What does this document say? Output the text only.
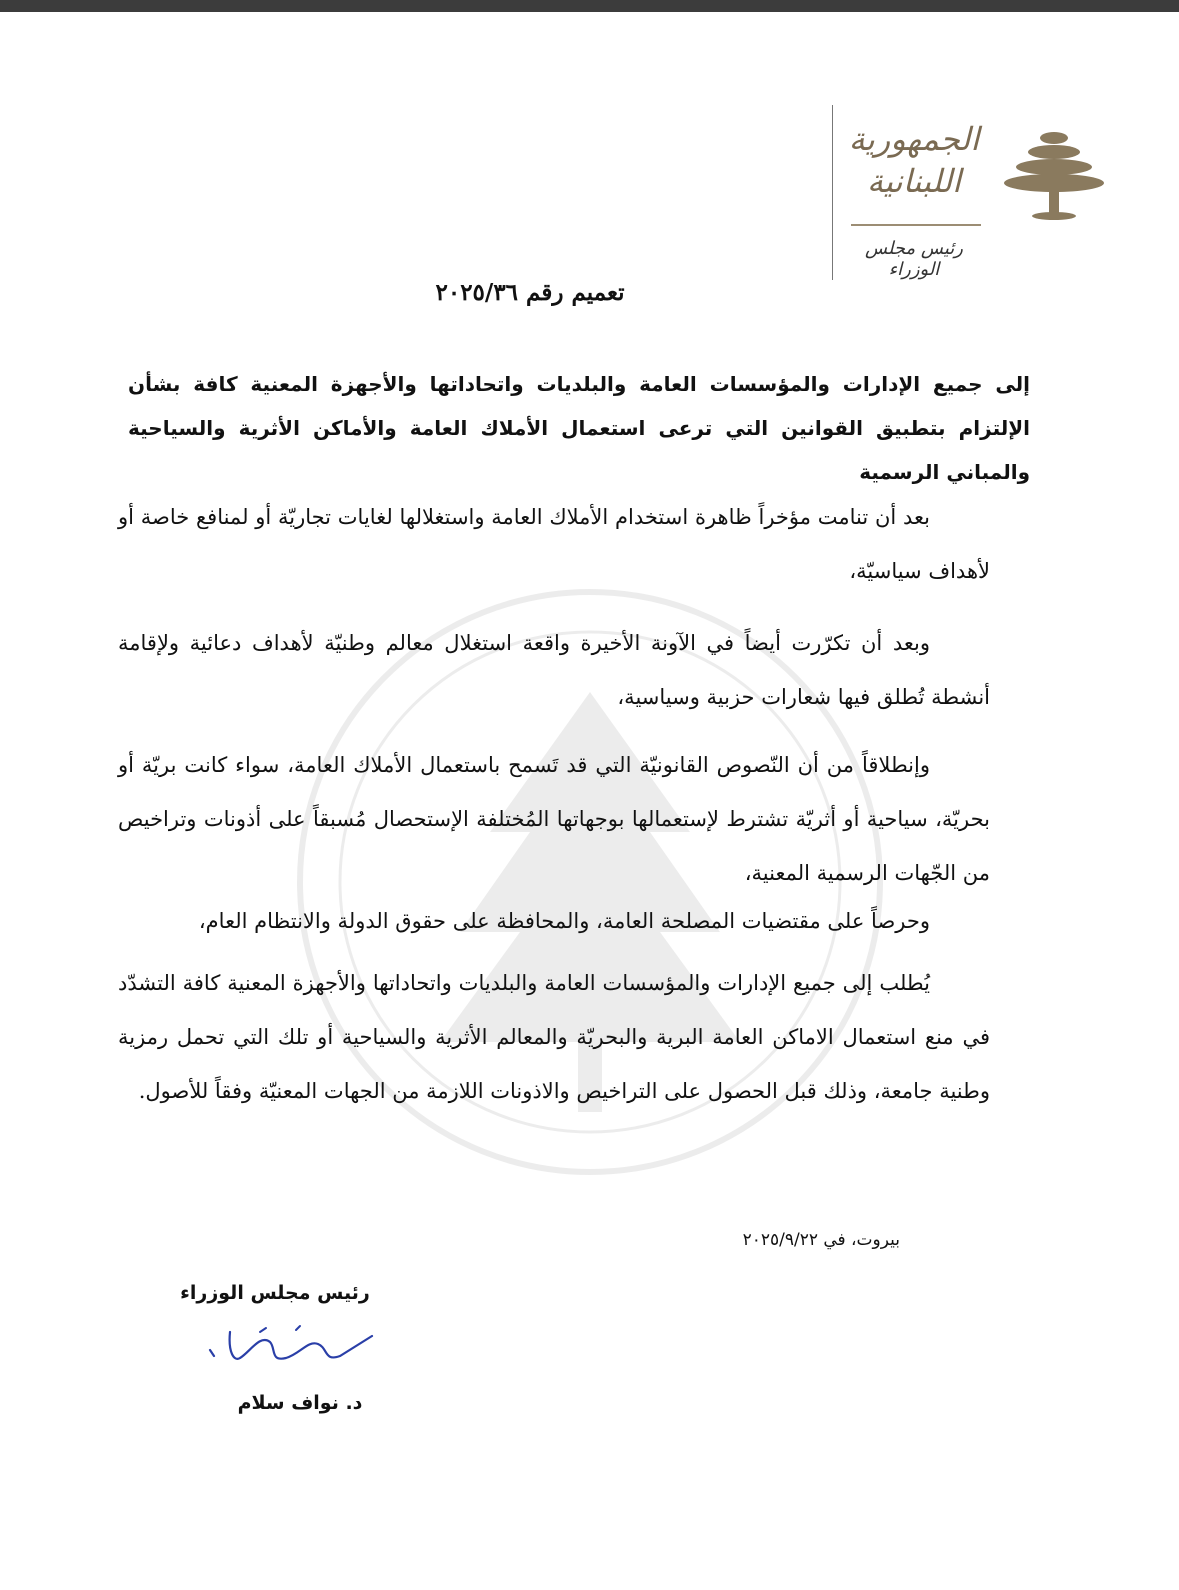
الجمهورية اللبنانية
رئيس مجلس الوزراء
تعميم رقم ٢٠٢٥/٣٦
إلى جميع الإدارات والمؤسسات العامة والبلديات واتحاداتها والأجهزة المعنية كافة بشأن الإلتزام بتطبيق القوانين التي ترعى استعمال الأملاك العامة والأماكن الأثرية والسياحية والمباني الرسمية
بعد أن تنامت مؤخراً ظاهرة استخدام الأملاك العامة واستغلالها لغايات تجاريّة أو لمنافع خاصة أو لأهداف سياسيّة،
وبعد أن تكرّرت أيضاً في الآونة الأخيرة واقعة استغلال معالم وطنيّة لأهداف دعائية ولإقامة أنشطة تُطلق فيها شعارات حزبية وسياسية،
وإنطلاقاً من أن النّصوص القانونيّة التي قد تَسمح باستعمال الأملاك العامة، سواء كانت بريّة أو بحريّة، سياحية أو أثريّة تشترط لإستعمالها بوجهاتها المُختلفة الإستحصال مُسبقاً على أذونات وتراخيص من الجّهات الرسمية المعنية،
وحرصاً على مقتضيات المصلحة العامة، والمحافظة على حقوق الدولة والانتظام العام،
يُطلب إلى جميع الإدارات والمؤسسات العامة والبلديات واتحاداتها والأجهزة المعنية كافة التشدّد في منع استعمال الاماكن العامة البرية والبحريّة والمعالم الأثرية والسياحية أو تلك التي تحمل رمزية وطنية جامعة، وذلك قبل الحصول على التراخيص والاذونات اللازمة من الجهات المعنيّة وفقاً للأصول.
بيروت، في ٢٠٢٥/٩/٢٢
رئيس مجلس الوزراء
د. نواف سلام
